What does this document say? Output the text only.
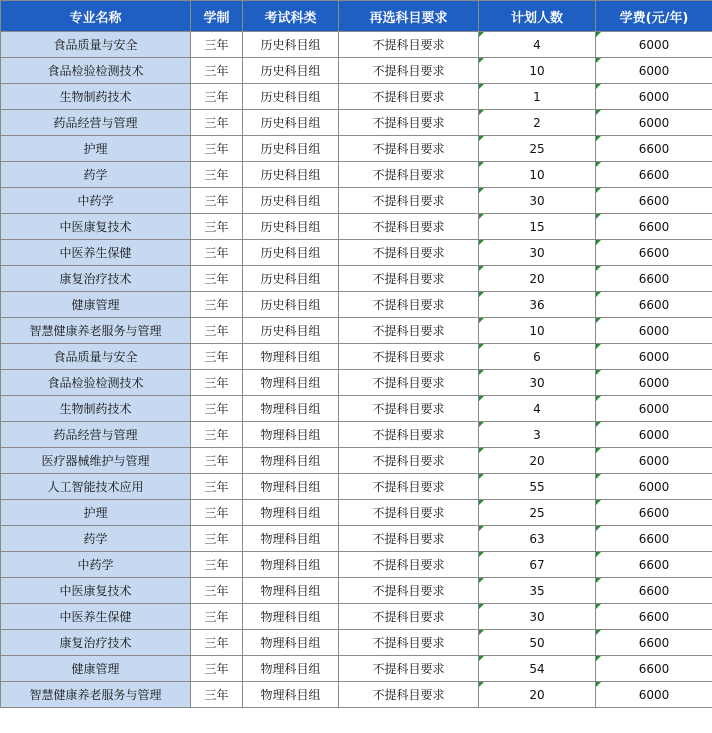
专业名称	学制	考试科类	再选科目要求	计划人数	学费(元/年)
食品质量与安全	三年	历史科目组	不提科目要求	4	6000
食品检验检测技术	三年	历史科目组	不提科目要求	10	6000
生物制药技术	三年	历史科目组	不提科目要求	1	6000
药品经营与管理	三年	历史科目组	不提科目要求	2	6000
护理	三年	历史科目组	不提科目要求	25	6600
药学	三年	历史科目组	不提科目要求	10	6600
中药学	三年	历史科目组	不提科目要求	30	6600
中医康复技术	三年	历史科目组	不提科目要求	15	6600
中医养生保健	三年	历史科目组	不提科目要求	30	6600
康复治疗技术	三年	历史科目组	不提科目要求	20	6600
健康管理	三年	历史科目组	不提科目要求	36	6600
智慧健康养老服务与管理	三年	历史科目组	不提科目要求	10	6000
食品质量与安全	三年	物理科目组	不提科目要求	6	6000
食品检验检测技术	三年	物理科目组	不提科目要求	30	6000
生物制药技术	三年	物理科目组	不提科目要求	4	6000
药品经营与管理	三年	物理科目组	不提科目要求	3	6000
医疗器械维护与管理	三年	物理科目组	不提科目要求	20	6000
人工智能技术应用	三年	物理科目组	不提科目要求	55	6000
护理	三年	物理科目组	不提科目要求	25	6600
药学	三年	物理科目组	不提科目要求	63	6600
中药学	三年	物理科目组	不提科目要求	67	6600
中医康复技术	三年	物理科目组	不提科目要求	35	6600
中医养生保健	三年	物理科目组	不提科目要求	30	6600
康复治疗技术	三年	物理科目组	不提科目要求	50	6600
健康管理	三年	物理科目组	不提科目要求	54	6600
智慧健康养老服务与管理	三年	物理科目组	不提科目要求	20	6000
